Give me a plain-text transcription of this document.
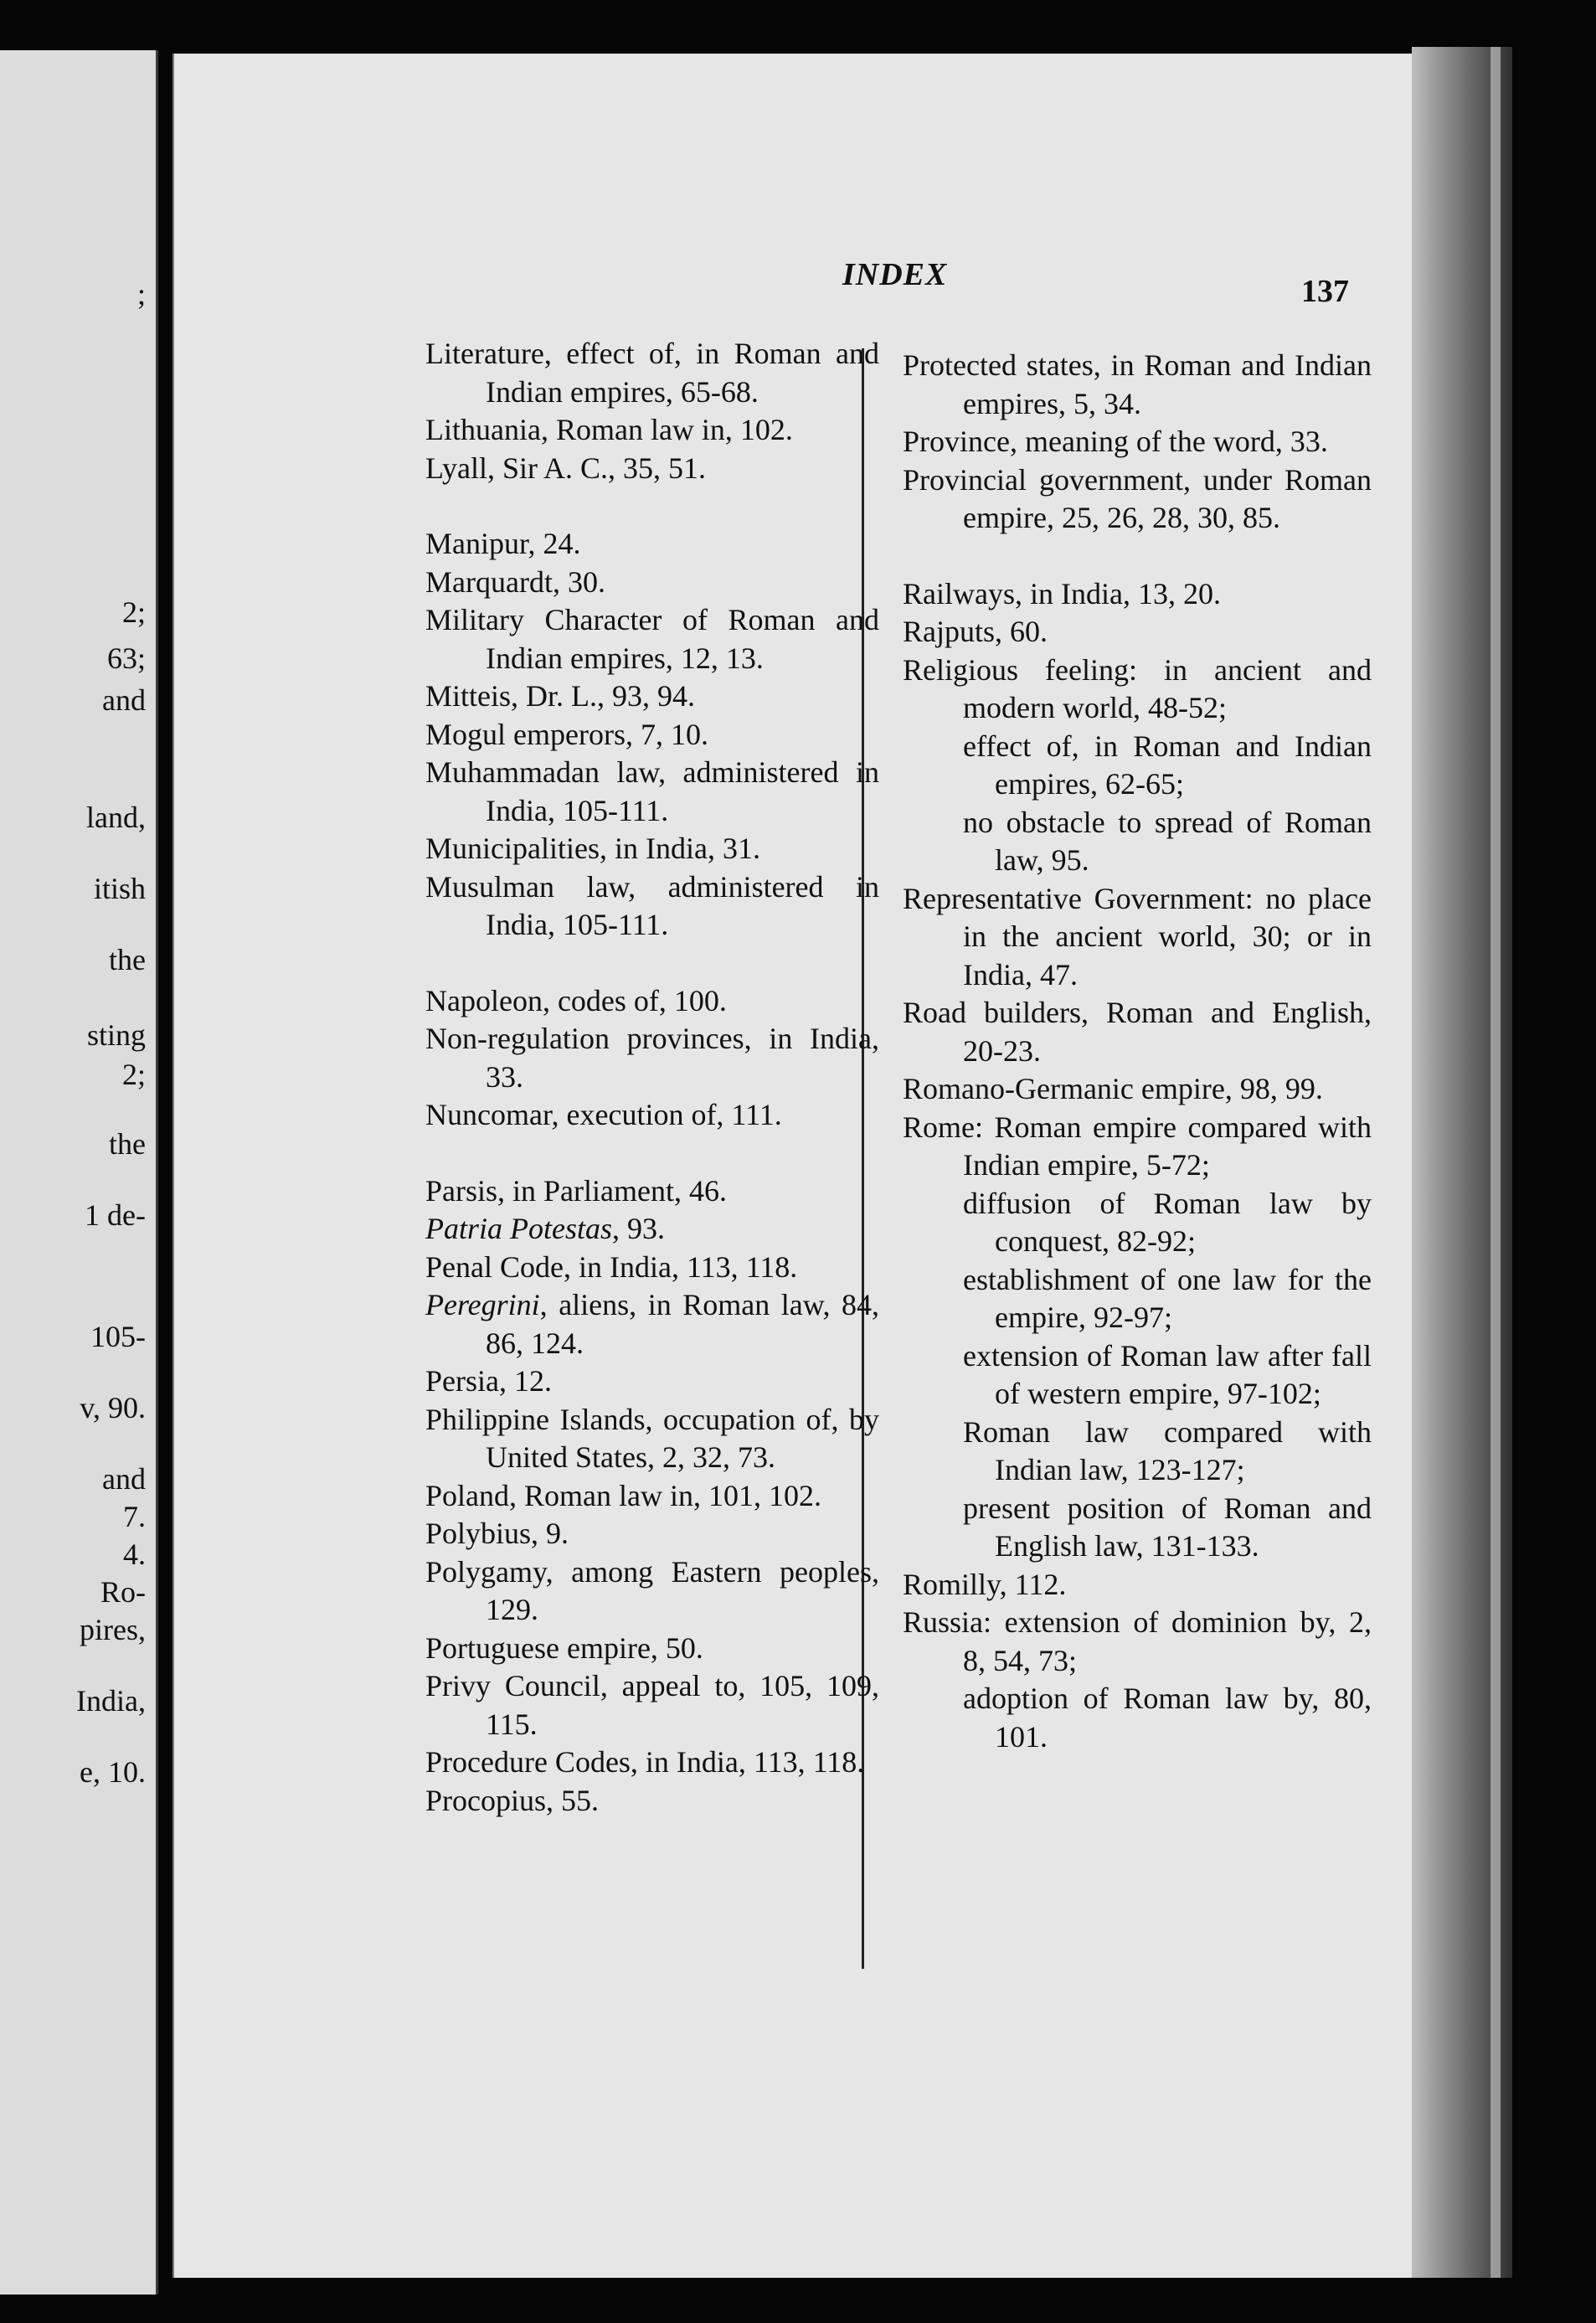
;
2;
63;
and
land,
itish
the
sting
2;
the
1 de-
105-
v, 90.
and
7.
4.
Ro-
pires,
India,
e, 10.
INDEX	137
Literature, effect of, in Roman and Indian empires, 65-68.
Lithuania, Roman law in, 102.
Lyall, Sir A. C., 35, 51.
Manipur, 24.
Marquardt, 30.
Military Character of Roman and Indian empires, 12, 13.
Mitteis, Dr. L., 93, 94.
Mogul emperors, 7, 10.
Muhammadan law, administered in India, 105-111.
Municipalities, in India, 31.
Musulman law, administered in India, 105-111.
Napoleon, codes of, 100.
Non-regulation provinces, in India, 33.
Nuncomar, execution of, 111.
Parsis, in Parliament, 46.
Patria Potestas, 93.
Penal Code, in India, 113, 118.
Peregrini, aliens, in Roman law, 84, 86, 124.
Persia, 12.
Philippine Islands, occupation of, by United States, 2, 32, 73.
Poland, Roman law in, 101, 102.
Polybius, 9.
Polygamy, among Eastern peoples, 129.
Portuguese empire, 50.
Privy Council, appeal to, 105, 109, 115.
Procedure Codes, in India, 113, 118.
Procopius, 55.
Protected states, in Roman and Indian empires, 5, 34.
Province, meaning of the word, 33.
Provincial government, under Roman empire, 25, 26, 28, 30, 85.
Railways, in India, 13, 20.
Rajputs, 60.
Religious feeling: in ancient and modern world, 48-52;
effect of, in Roman and Indian empires, 62-65;
no obstacle to spread of Roman law, 95.
Representative Government: no place in the ancient world, 30; or in India, 47.
Road builders, Roman and English, 20-23.
Romano-Germanic empire, 98, 99.
Rome: Roman empire compared with Indian empire, 5-72;
diffusion of Roman law by conquest, 82-92;
establishment of one law for the empire, 92-97;
extension of Roman law after fall of western empire, 97-102;
Roman law compared with Indian law, 123-127;
present position of Roman and English law, 131-133.
Romilly, 112.
Russia: extension of dominion by, 2, 8, 54, 73;
adoption of Roman law by, 80, 101.
